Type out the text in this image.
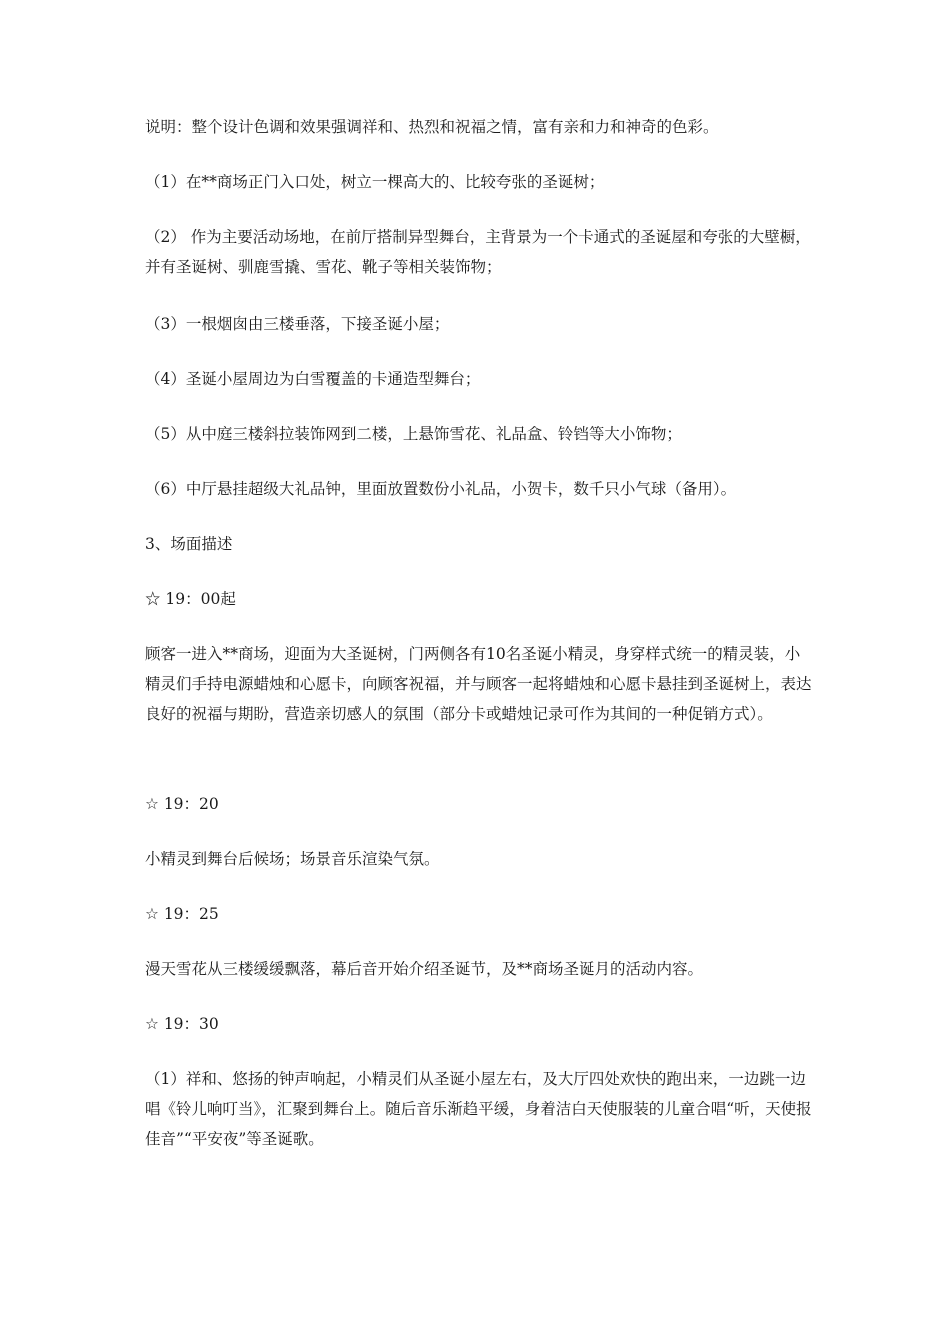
说明：整个设计色调和效果强调祥和、热烈和祝福之情，富有亲和力和神奇的色彩。

（1）在**商场正门入口处，树立一棵高大的、比较夸张的圣诞树；

（2） 作为主要活动场地，在前厅搭制异型舞台，主背景为一个卡通式的圣诞屋和夸张的大壁橱，并有圣诞树、驯鹿雪撬、雪花、靴子等相关装饰物；

（3）一根烟囱由三楼垂落，下接圣诞小屋；

（4）圣诞小屋周边为白雪覆盖的卡通造型舞台；

（5）从中庭三楼斜拉装饰网到二楼，上悬饰雪花、礼品盒、铃铛等大小饰物；

（6）中厅悬挂超级大礼品钟，里面放置数份小礼品，小贺卡，数千只小气球（备用）。

3、场面描述

☆ 19：00起

顾客一进入**商场，迎面为大圣诞树，门两侧各有10名圣诞小精灵，身穿样式统一的精灵装，小精灵们手持电源蜡烛和心愿卡，向顾客祝福，并与顾客一起将蜡烛和心愿卡悬挂到圣诞树上，表达良好的祝福与期盼，营造亲切感人的氛围（部分卡或蜡烛记录可作为其间的一种促销方式）。

☆ 19：20

小精灵到舞台后候场；场景音乐渲染气氛。

☆ 19：25

漫天雪花从三楼缓缓飘落，幕后音开始介绍圣诞节，及**商场圣诞月的活动内容。

☆ 19：30

（1）祥和、悠扬的钟声响起，小精灵们从圣诞小屋左右，及大厅四处欢快的跑出来，一边跳一边唱《铃儿响叮当》，汇聚到舞台上。随后音乐渐趋平缓，身着洁白天使服装的儿童合唱“听，天使报佳音”“平安夜”等圣诞歌。
